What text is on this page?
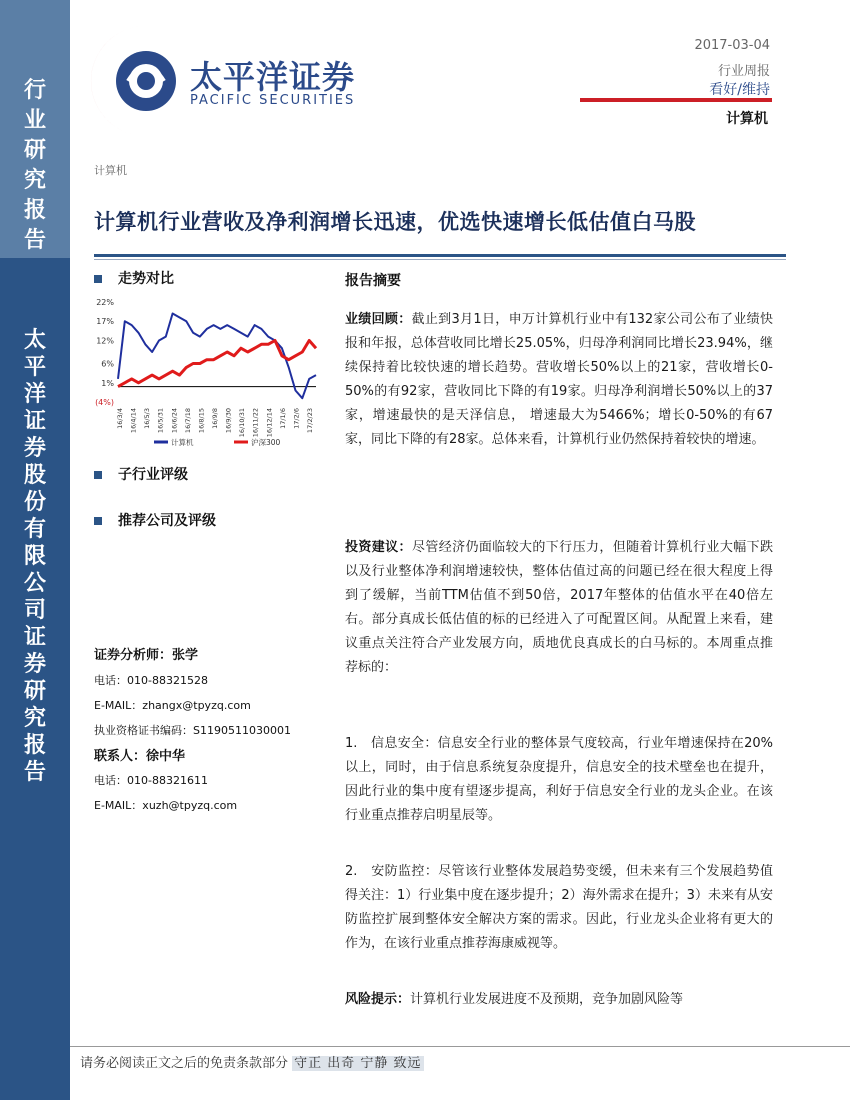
行
业
研
究
报
告
太
平
洋
证
券
股
份
有
限
公
司
证
券
研
究
报
告
太平洋证券
PACIFIC SECURITIES
2017-03-04
行业周报
看好/维持
计算机
计算机
计算机行业营收及净利润增长迅速，优选快速增长低估值白马股
走势对比
22%
17%
12%
6%
1%
(4%)
16/3/4 16/4/14 16/5/3 16/5/31 16/6/24 16/7/18 16/8/15 16/9/8 16/9/30 16/10/31 16/11/22 16/12/14 17/1/6 17/2/6 17/2/23
计算机	沪深300
子行业评级
推荐公司及评级
证券分析师：张学
电话：010-88321528
E-MAIL：zhangx@tpyzq.com
执业资格证书编码：S1190511030001
联系人：徐中华
电话：010-88321611
E-MAIL：xuzh@tpyzq.com
报告摘要
业绩回顾：截止到3月1日，申万计算机行业中有132家公司公布了业绩快报和年报，总体营收同比增长25.05%，归母净利润同比增长23.94%，继续保持着比较快速的增长趋势。营收增长50%以上的21家，营收增长0-50%的有92家，营收同比下降的有19家。归母净利润增长50%以上的37家，增速最快的是天泽信息， 增速最大为5466%；增长0-50%的有67家，同比下降的有28家。总体来看，计算机行业仍然保持着较快的增速。
投资建议：尽管经济仍面临较大的下行压力，但随着计算机行业大幅下跌以及行业整体净利润增速较快，整体估值过高的问题已经在很大程度上得到了缓解，当前TTM估值不到50倍，2017年整体的估值水平在40倍左右。部分真成长低估值的标的已经进入了可配置区间。从配置上来看，建议重点关注符合产业发展方向，质地优良真成长的白马标的。本周重点推荐标的：
1.　信息安全：信息安全行业的整体景气度较高，行业年增速保持在20%以上，同时，由于信息系统复杂度提升，信息安全的技术壁垒也在提升，因此行业的集中度有望逐步提高，利好于信息安全行业的龙头企业。在该行业重点推荐启明星辰等。
2.　安防监控：尽管该行业整体发展趋势变缓，但未来有三个发展趋势值得关注：1）行业集中度在逐步提升；2）海外需求在提升；3）未来有从安防监控扩展到整体安全解决方案的需求。因此，行业龙头企业将有更大的作为，在该行业重点推荐海康威视等。
风险提示：计算机行业发展进度不及预期，竞争加剧风险等
请务必阅读正文之后的免责条款部分 守正 出奇 宁静 致远
